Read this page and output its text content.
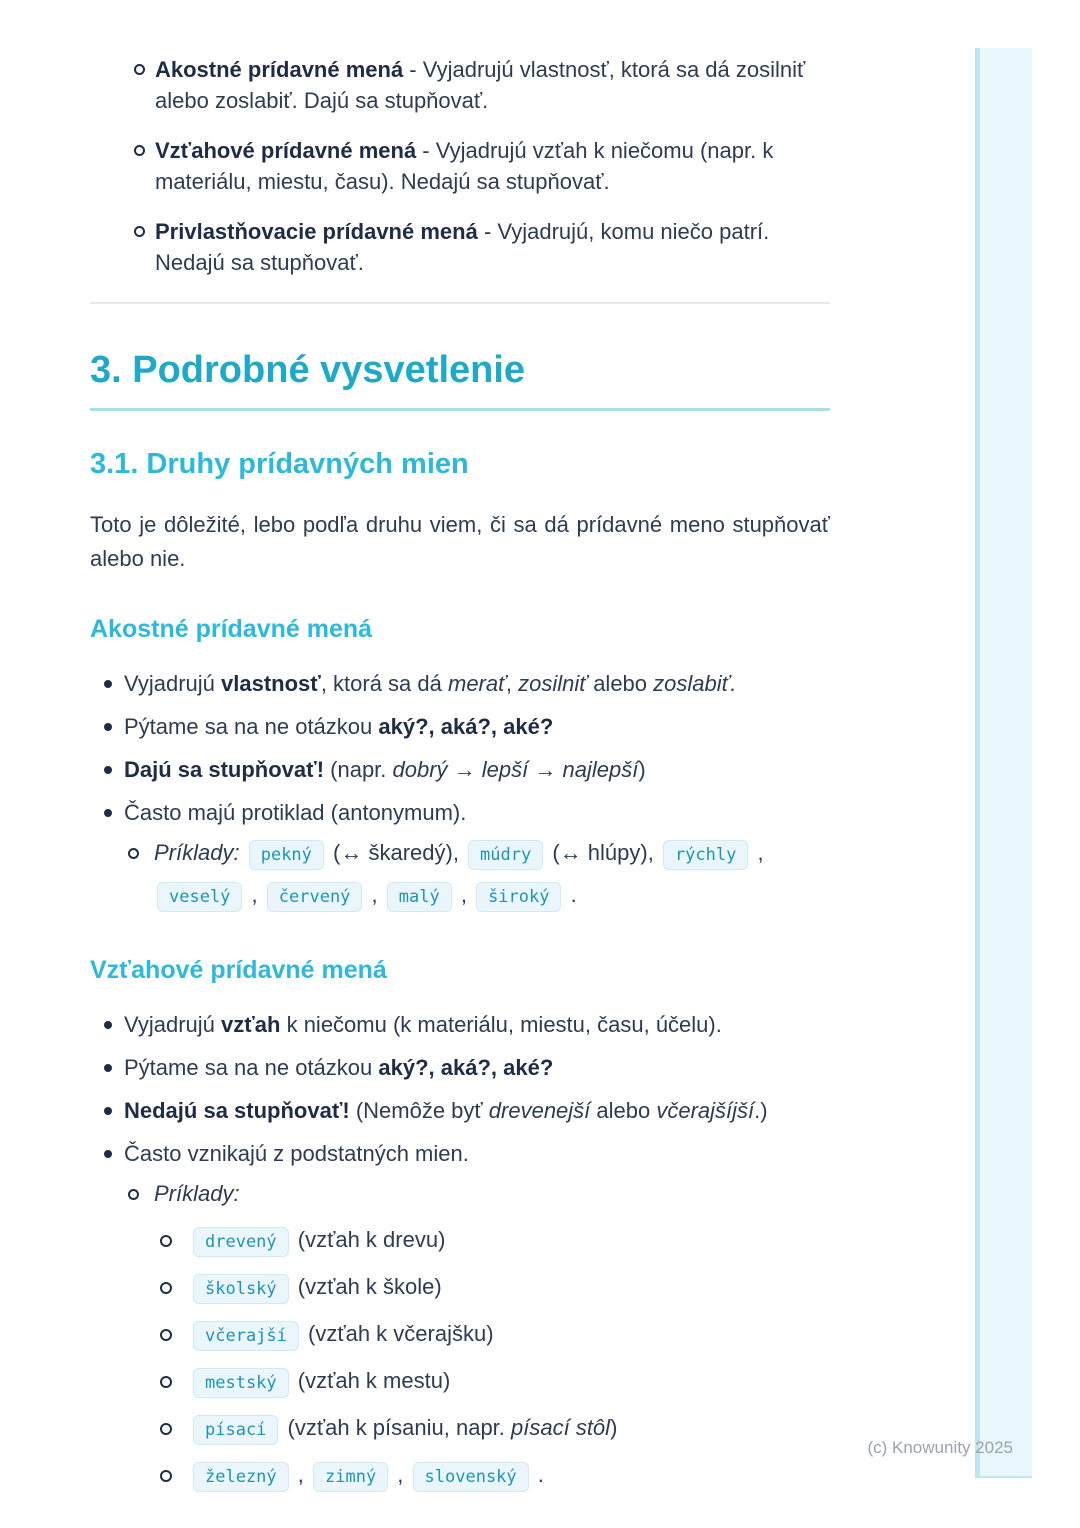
Akostné prídavné mená - Vyjadrujú vlastnosť, ktorá sa dá zosilniť alebo zoslabiť. Dajú sa stupňovať.
Vzťahové prídavné mená - Vyjadrujú vzťah k niečomu (napr. k materiálu, miestu, času). Nedajú sa stupňovať.
Privlastňovacie prídavné mená - Vyjadrujú, komu niečo patrí. Nedajú sa stupňovať.
3. Podrobné vysvetlenie
3.1. Druhy prídavných mien

Toto je dôležité, lebo podľa druhu viem, či sa dá prídavné meno stupňovať alebo nie.

Akostné prídavné mená
Vyjadrujú vlastnosť, ktorá sa dá merať, zosilniť alebo zoslabiť.
Pýtame sa na ne otázkou aký?, aká?, aké?
Dajú sa stupňovať! (napr. dobrý → lepší → najlepší)
Často majú protiklad (antonymum).
Príklady: pekný (↔ škaredý), múdry (↔ hlúpy), rýchly , veselý , červený , malý , široký .
Vzťahové prídavné mená
Vyjadrujú vzťah k niečomu (k materiálu, miestu, času, účelu).
Pýtame sa na ne otázkou aký?, aká?, aké?
Nedajú sa stupňovať! (Nemôže byť drevenejší alebo včerajšíjší.)
Často vznikajú z podstatných mien.
Príklady:
drevený (vzťah k drevu)
školský (vzťah k škole)
včerajší (vzťah k včerajšku)
mestský (vzťah k mestu)
písací (vzťah k písaniu, napr. písací stôl)
železný , zimný , slovenský .
(c) Knowunity 2025
